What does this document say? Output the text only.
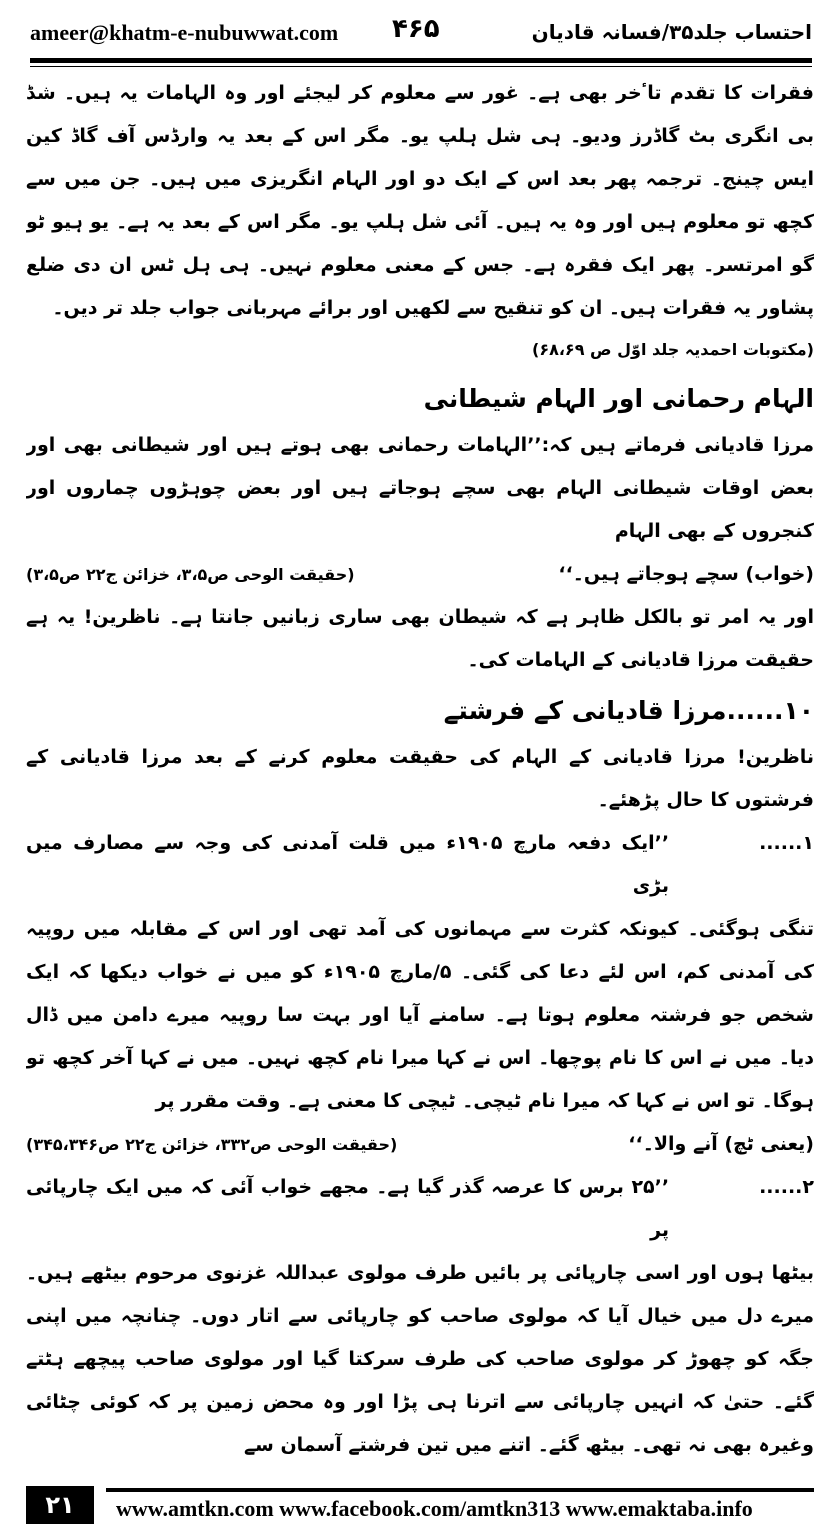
ameer@khatm-e-nubuwwat.com ۴۶۵	احتساب جلد۳۵/فسانہ قادیان

فقرات کا تقدم تاٴخر بھی ہے۔ غور سے معلوم کر لیجئے اور وہ الہامات یہ ہیں۔ شڈ بی انگری بٹ گاڈرز ودیو۔ ہی شل ہلپ یو۔ مگر اس کے بعد یہ وارڈس آف گاڈ کین ایس چینج۔ ترجمہ پھر بعد اس کے ایک دو اور الہام انگریزی میں ہیں۔ جن میں سے کچھ تو معلوم ہیں اور وہ یہ ہیں۔ آئی شل ہلپ یو۔ مگر اس کے بعد یہ ہے۔ یو ہیو ٹو گو امرتسر۔ پھر ایک فقرہ ہے۔ جس کے معنی معلوم نہیں۔ ہی ہل ٹس ان دی ضلع پشاور یہ فقرات ہیں۔ ان کو تنقیح سے لکھیں اور برائے مہربانی جواب جلد تر دیں۔

(مکتوبات احمدیہ جلد اوّل ص ۶۸،۶۹)

الہام رحمانی اور الہام شیطانی

مرزا قادیانی فرماتے ہیں کہ:’’الہامات رحمانی بھی ہوتے ہیں اور شیطانی بھی اور بعض اوقات شیطانی الہام بھی سچے ہوجاتے ہیں اور بعض چوہڑوں چماروں اور کنجروں کے بھی الہام

(خواب) سچے ہوجاتے ہیں۔‘‘
(حقیقت الوحی ص۳،۵، خزائن ج۲۲ ص۳،۵)

اور یہ امر تو بالکل ظاہر ہے کہ شیطان بھی ساری زبانیں جانتا ہے۔ ناظرین! یہ ہے حقیقت مرزا قادیانی کے الہامات کی۔

۱۰......مرزا قادیانی کے فرشتے

ناظرین! مرزا قادیانی کے الہام کی حقیقت معلوم کرنے کے بعد مرزا قادیانی کے فرشتوں کا حال پڑھئے۔

۱......
’’ایک دفعہ مارچ ۱۹۰۵ء میں قلت آمدنی کی وجہ سے مصارف میں بڑی

تنگی ہوگئی۔ کیونکہ کثرت سے مہمانوں کی آمد تھی اور اس کے مقابلہ میں روپیہ کی آمدنی کم، اس لئے دعا کی گئی۔ ۵/مارچ ۱۹۰۵ء کو میں نے خواب دیکھا کہ ایک شخص جو فرشتہ معلوم ہوتا ہے۔ سامنے آیا اور بہت سا روپیہ میرے دامن میں ڈال دیا۔ میں نے اس کا نام پوچھا۔ اس نے کہا میرا نام کچھ نہیں۔ میں نے کہا آخر کچھ تو ہوگا۔ تو اس نے کہا کہ میرا نام ٹیچی۔ ٹیچی کا معنی ہے۔ وقت مقرر پر

(یعنی ٹچ) آنے والا۔‘‘
(حقیقت الوحی ص۳۳۲، خزائن ج۲۲ ص۳۴۵،۳۴۶)
۲......
’’۲۵ برس کا عرصہ گذر گیا ہے۔ مجھے خواب آئی کہ میں ایک چارپائی پر

بیٹھا ہوں اور اسی چارپائی پر بائیں طرف مولوی عبداللہ غزنوی مرحوم بیٹھے ہیں۔ میرے دل میں خیال آیا کہ مولوی صاحب کو چارپائی سے اتار دوں۔ چنانچہ میں اپنی جگہ کو چھوڑ کر مولوی صاحب کی طرف سرکتا گیا اور مولوی صاحب پیچھے ہٹتے گئے۔ حتیٰ کہ انہیں چارپائی سے اترنا ہی پڑا اور وہ محض زمین پر کہ کوئی چٹائی وغیرہ بھی نہ تھی۔ بیٹھ گئے۔ اتنے میں تین فرشتے آسمان سے

۲۱	www.amtkn.com www.facebook.com/amtkn313 www.emaktaba.info
